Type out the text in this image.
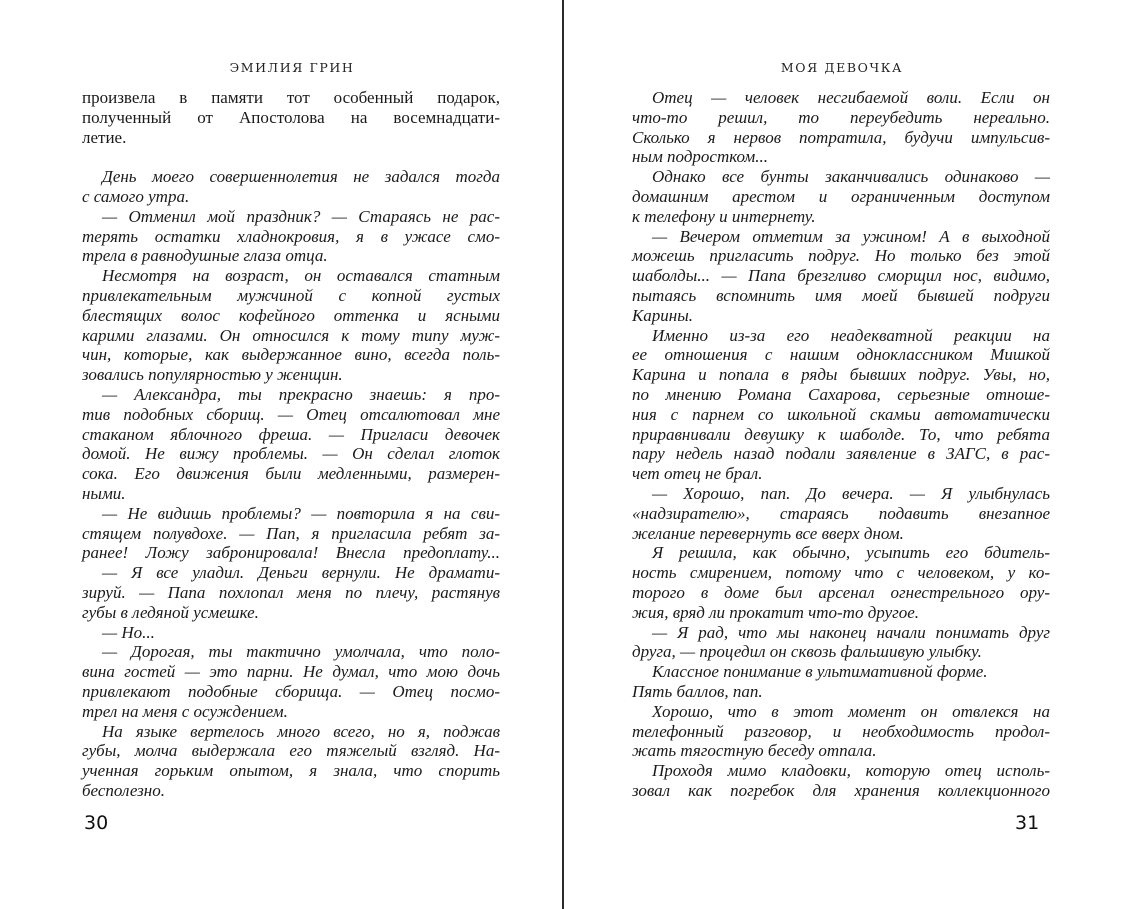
ЭМИЛИЯ ГРИН	МОЯ ДЕВОЧКА
произвела в памяти тот особенный подарок,
полученный от Апостолова на восемнадцати-
летие.
День моего совершеннолетия не задался тогда
с самого утра.
— Отменил мой праздник? — Стараясь не рас-
терять остатки хладнокровия, я в ужасе смо-
трела в равнодушные глаза отца.
Несмотря на возраст, он оставался статным
привлекательным мужчиной с копной густых
блестящих волос кофейного оттенка и ясными
карими глазами. Он относился к тому типу муж-
чин, которые, как выдержанное вино, всегда поль-
зовались популярностью у женщин.
— Александра, ты прекрасно знаешь: я про-
тив подобных сборищ. — Отец отсалютовал мне
стаканом яблочного фреша. — Пригласи девочек
домой. Не вижу проблемы. — Он сделал глоток
сока. Его движения были медленными, размерен-
ными.
— Не видишь проблемы? — повторила я на сви-
стящем полувдохе. — Пап, я пригласила ребят за-
ранее! Ложу забронировала! Внесла предоплату...
— Я все уладил. Деньги вернули. Не драмати-
зируй. — Папа похлопал меня по плечу, растянув
губы в ледяной усмешке.
— Но...
— Дорогая, ты тактично умолчала, что поло-
вина гостей — это парни. Не думал, что мою дочь
привлекают подобные сборища. — Отец посмо-
трел на меня с осуждением.
На языке вертелось много всего, но я, поджав
губы, молча выдержала его тяжелый взгляд. На-
ученная горьким опытом, я знала, что спорить
бесполезно.
Отец — человек несгибаемой воли. Если он
что-то решил, то переубедить нереально.
Сколько я нервов потратила, будучи импульсив-
ным подростком...
Однако все бунты заканчивались одинаково —
домашним арестом и ограниченным доступом
к телефону и интернету.
— Вечером отметим за ужином! А в выходной
можешь пригласить подруг. Но только без этой
шаболды... — Папа брезгливо сморщил нос, видимо,
пытаясь вспомнить имя моей бывшей подруги
Карины.
Именно из-за его неадекватной реакции на
ее отношения с нашим одноклассником Мишкой
Карина и попала в ряды бывших подруг. Увы, но,
по мнению Романа Сахарова, серьезные отноше-
ния с парнем со школьной скамьи автоматически
приравнивали девушку к шаболде. То, что ребята
пару недель назад подали заявление в ЗАГС, в рас-
чет отец не брал.
— Хорошо, пап. До вечера. — Я улыбнулась
«надзирателю», стараясь подавить внезапное
желание перевернуть все вверх дном.
Я решила, как обычно, усыпить его бдитель-
ность смирением, потому что с человеком, у ко-
торого в доме был арсенал огнестрельного ору-
жия, вряд ли прокатит что-то другое.
— Я рад, что мы наконец начали понимать друг
друга, — процедил он сквозь фальшивую улыбку.
Классное понимание в ультимативной форме.
Пять баллов, пап.
Хорошо, что в этот момент он отвлекся на
телефонный разговор, и необходимость продол-
жать тягостную беседу отпала.
Проходя мимо кладовки, которую отец исполь-
зовал как погребок для хранения коллекционного
30	31
